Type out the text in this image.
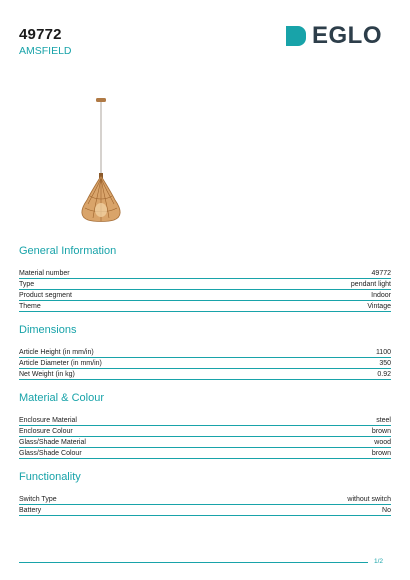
49772
AMSFIELD
EGLO
General Information
Material number	49772
Type	pendant light
Product segment	Indoor
Theme	Vintage
Dimensions
Article Height (in mm/in)	1100
Article Diameter (in mm/in)	350
Net Weight (in kg)	0.92
Material & Colour
Enclosure Material	steel
Enclosure Colour	brown
Glass/Shade Material	wood
Glass/Shade Colour	brown
Functionality
Switch Type	without switch
Battery	No
1/2
